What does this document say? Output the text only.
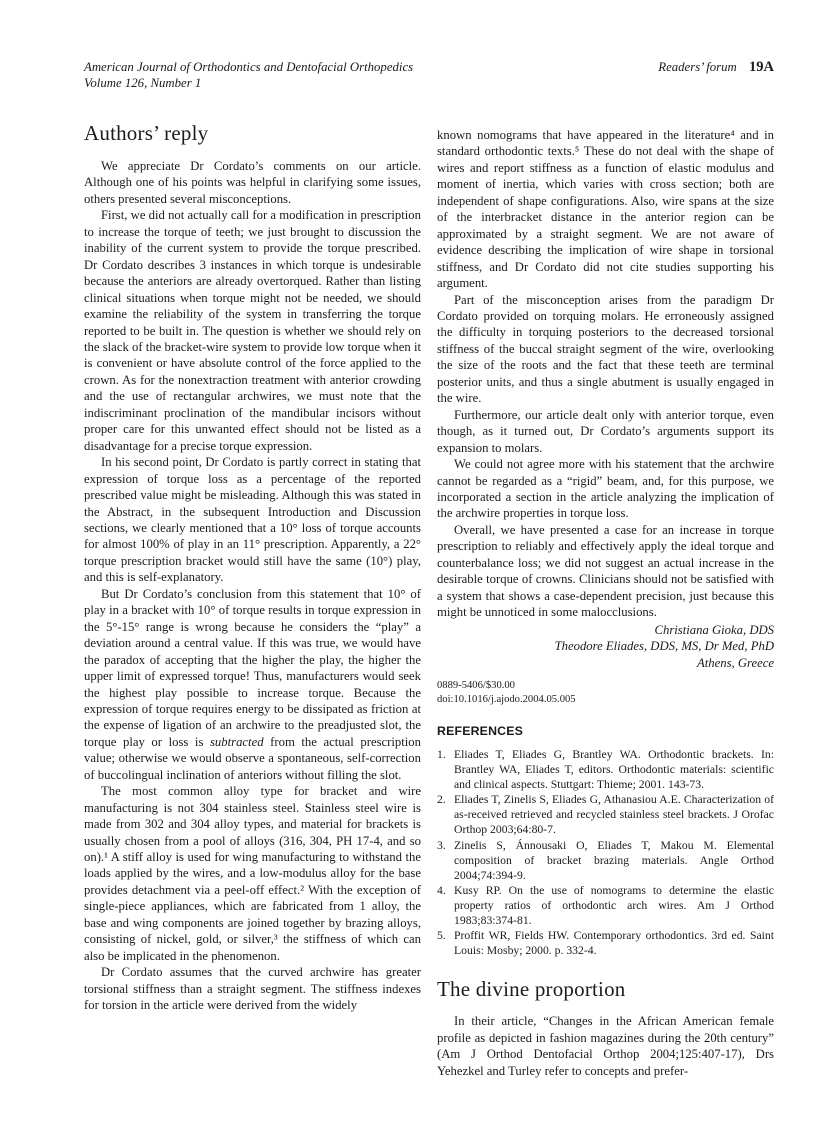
American Journal of Orthodontics and Dentofacial Orthopedics
Volume 126, Number 1
Readers’ forum 19A
Authors’ reply

We appreciate Dr Cordato’s comments on our article. Although one of his points was helpful in clarifying some issues, others presented several misconceptions.

First, we did not actually call for a modification in prescription to increase the torque of teeth; we just brought to discussion the inability of the current system to provide the torque prescribed. Dr Cordato describes 3 instances in which torque is undesirable because the anteriors are already overtorqued. Rather than listing clinical situations when torque might not be needed, we should examine the reliability of the system in transferring the torque reported to be built in. The question is whether we should rely on the slack of the bracket-wire system to provide low torque when it is convenient or have absolute control of the force applied to the crown. As for the nonextraction treatment with anterior crowding and the use of rectangular archwires, we must note that the indiscriminant proclination of the mandibular incisors without proper care for this unwanted effect should not be listed as a disadvantage for a precise torque expression.

In his second point, Dr Cordato is partly correct in stating that expression of torque loss as a percentage of the reported prescribed value might be misleading. Although this was stated in the Abstract, in the subsequent Introduction and Discussion sections, we clearly mentioned that a 10° loss of torque accounts for almost 100% of play in an 11° prescription. Apparently, a 22° torque prescription bracket would still have the same (10°) play, and this is self-explanatory.

But Dr Cordato’s conclusion from this statement that 10° of play in a bracket with 10° of torque results in torque expression in the 5°-15° range is wrong because he considers the “play” a deviation around a central value. If this was true, we would have the paradox of accepting that the higher the play, the higher the upper limit of expressed torque! Thus, manufacturers would seek the highest play possible to increase torque. Because the expression of torque requires energy to be dissipated as friction at the expense of ligation of an archwire to the preadjusted slot, the torque play or loss is subtracted from the actual prescription value; otherwise we would observe a spontaneous, self-correction of buccolingual inclination of anteriors without filling the slot.

The most common alloy type for bracket and wire manufacturing is not 304 stainless steel. Stainless steel wire is made from 302 and 304 alloy types, and material for brackets is usually chosen from a pool of alloys (316, 304, PH 17-4, and so on).¹ A stiff alloy is used for wing manufacturing to withstand the loads applied by the wires, and a low-modulus alloy for the base provides detachment via a peel-off effect.² With the exception of single-piece appliances, which are fabricated from 1 alloy, the base and wing components are joined together by brazing alloys, consisting of nickel, gold, or silver,³ the stiffness of which can also be implicated in the phenomenon.

Dr Cordato assumes that the curved archwire has greater torsional stiffness than a straight segment. The stiffness indexes for torsion in the article were derived from the widely

known nomograms that have appeared in the literature⁴ and in standard orthodontic texts.⁵ These do not deal with the shape of wires and report stiffness as a function of elastic modulus and moment of inertia, which varies with cross section; both are independent of shape configurations. Also, wire spans at the size of the interbracket distance in the anterior region can be approximated by a straight segment. We are not aware of evidence describing the implication of wire shape in torsional stiffness, and Dr Cordato did not cite studies supporting his argument.

Part of the misconception arises from the paradigm Dr Cordato provided on torquing molars. He erroneously assigned the difficulty in torquing posteriors to the decreased torsional stiffness of the buccal straight segment of the wire, overlooking the size of the roots and the fact that these teeth are terminal posterior units, and thus a single abutment is usually engaged in the wire.

Furthermore, our article dealt only with anterior torque, even though, as it turned out, Dr Cordato’s arguments support its expansion to molars.

We could not agree more with his statement that the archwire cannot be regarded as a “rigid” beam, and, for this purpose, we incorporated a section in the article analyzing the implication of the archwire properties in torque loss.

Overall, we have presented a case for an increase in torque prescription to reliably and effectively apply the ideal torque and counterbalance loss; we did not suggest an actual increase in the desirable torque of crowns. Clinicians should not be satisfied with a system that shows a case-dependent precision, just because this might be unnoticed in some malocclusions.

Christiana Gioka, DDS
Theodore Eliades, DDS, MS, Dr Med, PhD
Athens, Greece
0889-5406/$30.00
doi:10.1016/j.ajodo.2004.05.005
REFERENCES
1. Eliades T, Eliades G, Brantley WA. Orthodontic brackets. In: Brantley WA, Eliades T, editors. Orthodontic materials: scientific and clinical aspects. Stuttgart: Thieme; 2001. 143-73.
2. Eliades T, Zinelis S, Eliades G, Athanasiou A.E. Characterization of as-received retrieved and recycled stainless steel brackets. J Orofac Orthop 2003;64:80-7.
3. Zinelis S, Ánnousaki O, Eliades T, Makou M. Elemental composition of bracket brazing materials. Angle Orthod 2004;74:394-9.
4. Kusy RP. On the use of nomograms to determine the elastic property ratios of orthodontic arch wires. Am J Orthod 1983;83:374-81.
5. Proffit WR, Fields HW. Contemporary orthodontics. 3rd ed. Saint Louis: Mosby; 2000. p. 332-4.
The divine proportion

In their article, “Changes in the African American female profile as depicted in fashion magazines during the 20th century” (Am J Orthod Dentofacial Orthop 2004;125:407-17), Drs Yehezkel and Turley refer to concepts and prefer-
